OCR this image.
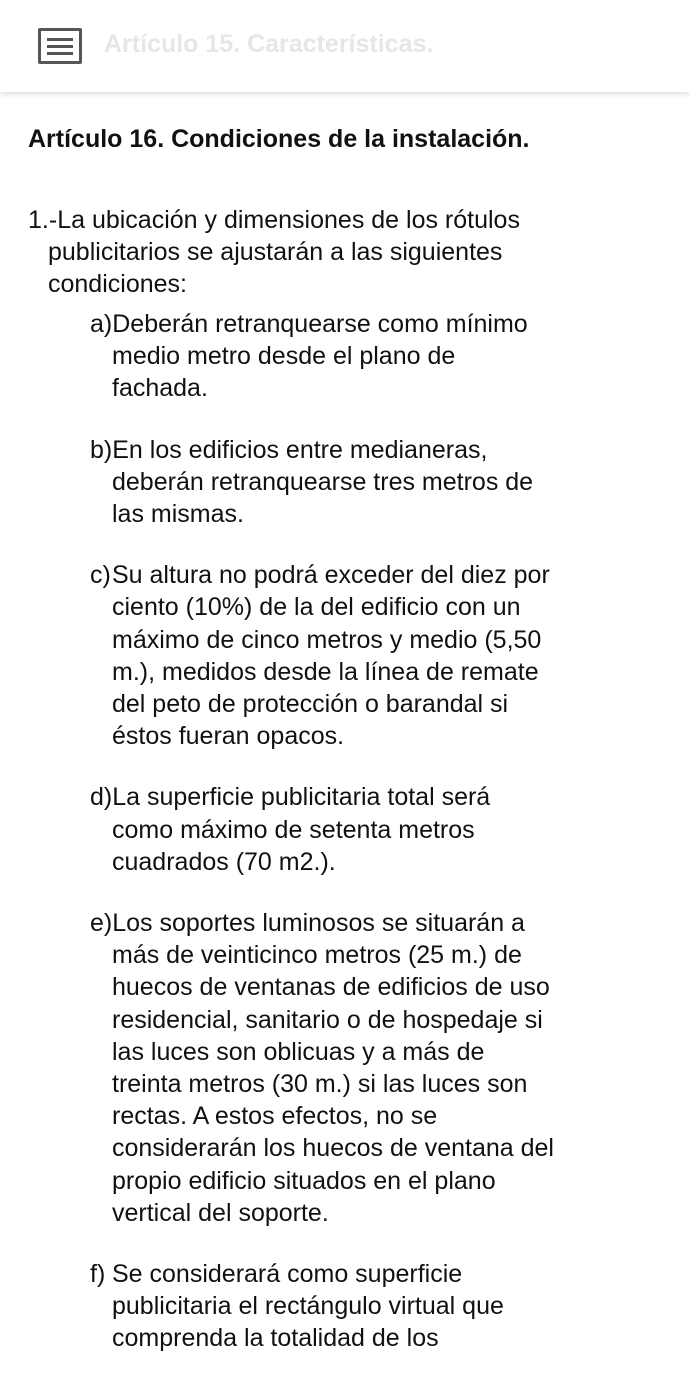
Artículo 15. Características.
Artículo 16. Condiciones de la instalación.
1.-La ubicación y dimensiones de los rótulos
publicitarios se ajustarán a las siguientes
condiciones:
a) Deberán retranquearse como mínimo
medio metro desde el plano de
fachada.
b) En los edificios entre medianeras,
deberán retranquearse tres metros de
las mismas.
c) Su altura no podrá exceder del diez por
ciento (10%) de la del edificio con un
máximo de cinco metros y medio (5,50
m.), medidos desde la línea de remate
del peto de protección o barandal si
éstos fueran opacos.
d) La superficie publicitaria total será
como máximo de setenta metros
cuadrados (70 m2.).
e) Los soportes luminosos se situarán a
más de veinticinco metros (25 m.) de
huecos de ventanas de edificios de uso
residencial, sanitario o de hospedaje si
las luces son oblicuas y a más de
treinta metros (30 m.) si las luces son
rectas. A estos efectos, no se
considerarán los huecos de ventana del
propio edificio situados en el plano
vertical del soporte.
f) Se considerará como superficie
publicitaria el rectángulo virtual que
comprenda la totalidad de los
